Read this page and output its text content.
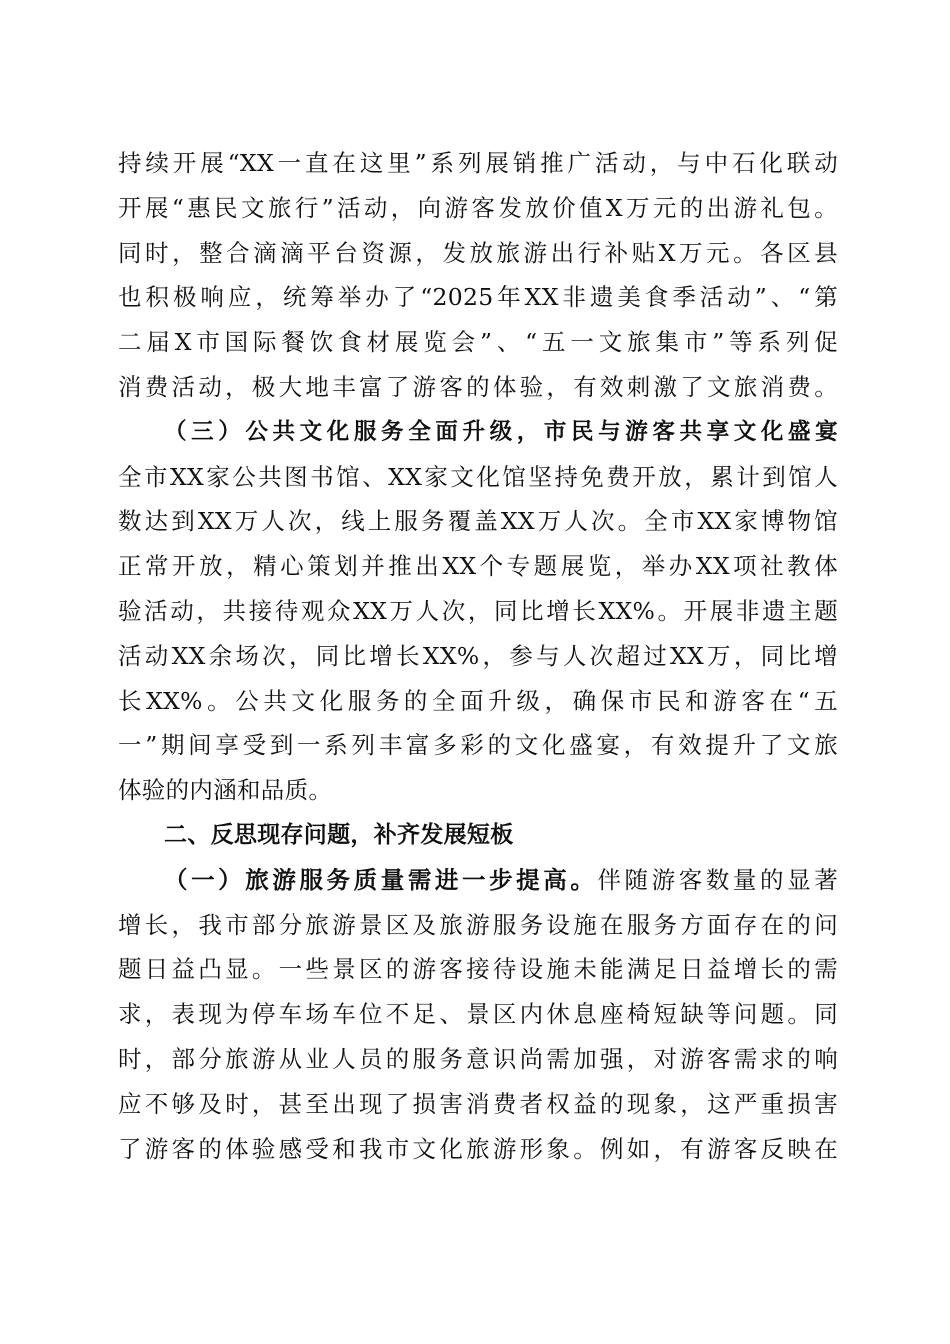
持续开展“XX一直在这里”系列展销推广活动，与中石化联动
开展“惠民文旅行”活动，向游客发放价值X万元的出游礼包。
同时，整合滴滴平台资源，发放旅游出行补贴X万元。各区县
也积极响应，统筹举办了“2025年XX非遗美食季活动”、“第
二届X市国际餐饮食材展览会”、“五一文旅集市”等系列促
消费活动，极大地丰富了游客的体验，有效刺激了文旅消费。
（三）公共文化服务全面升级，市民与游客共享文化盛宴
全市XX家公共图书馆、XX家文化馆坚持免费开放，累计到馆人
数达到XX万人次，线上服务覆盖XX万人次。全市XX家博物馆
正常开放，精心策划并推出XX个专题展览，举办XX项社教体
验活动，共接待观众XX万人次，同比增长XX%。开展非遗主题
活动XX余场次，同比增长XX%，参与人次超过XX万，同比增
长XX%。公共文化服务的全面升级，确保市民和游客在“五
一”期间享受到一系列丰富多彩的文化盛宴，有效提升了文旅
体验的内涵和品质。
二、反思现存问题，补齐发展短板
（一）旅游服务质量需进一步提高。伴随游客数量的显著
增长，我市部分旅游景区及旅游服务设施在服务方面存在的问
题日益凸显。一些景区的游客接待设施未能满足日益增长的需
求，表现为停车场车位不足、景区内休息座椅短缺等问题。同
时，部分旅游从业人员的服务意识尚需加强，对游客需求的响
应不够及时，甚至出现了损害消费者权益的现象，这严重损害
了游客的体验感受和我市文化旅游形象。例如，有游客反映在
